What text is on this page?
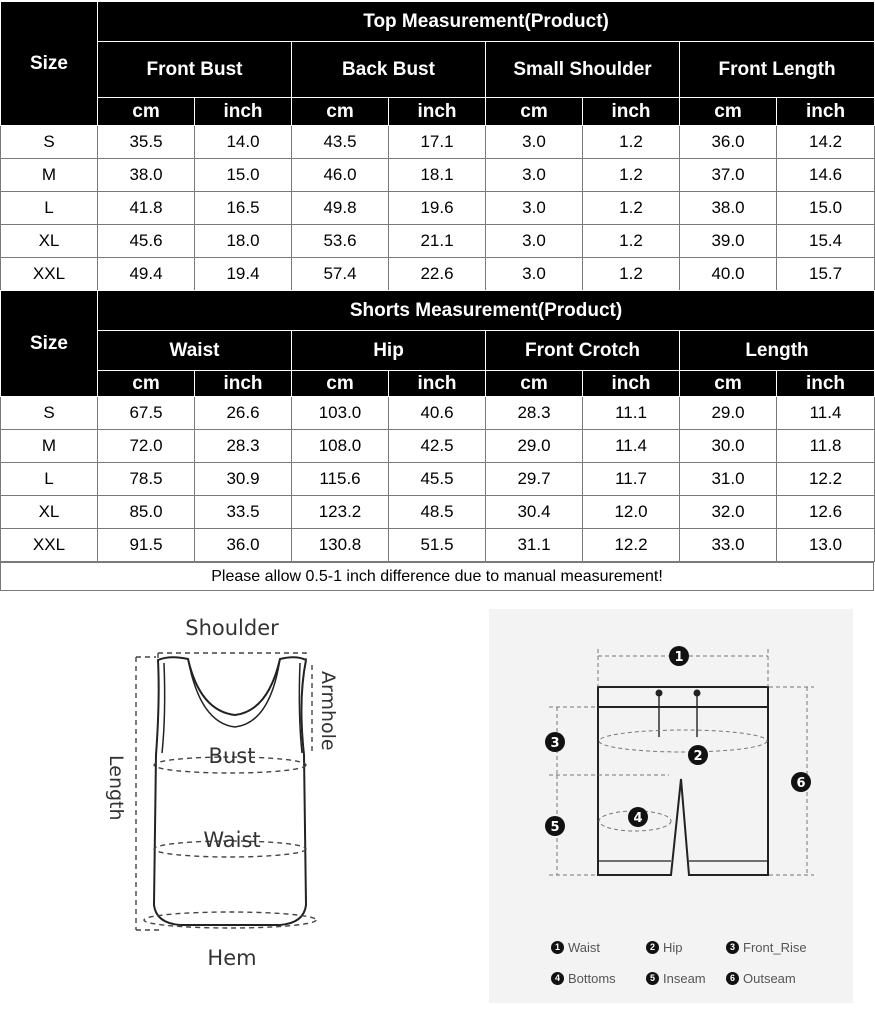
Size	Top Measurement(Product)							
	Front Bust		Back Bust		Small Shoulder		Front Length	
	cm	inch	cm	inch	cm	inch	cm	inch
S	35.5	14.0	43.5	17.1	3.0	1.2	36.0	14.2
M	38.0	15.0	46.0	18.1	3.0	1.2	37.0	14.6
L	41.8	16.5	49.8	19.6	3.0	1.2	38.0	15.0
XL	45.6	18.0	53.6	21.1	3.0	1.2	39.0	15.4
XXL	49.4	19.4	57.4	22.6	3.0	1.2	40.0	15.7
Size	Shorts Measurement(Product)							
	Waist		Hip		Front Crotch		Length	
	cm	inch	cm	inch	cm	inch	cm	inch
S	67.5	26.6	103.0	40.6	28.3	11.1	29.0	11.4
M	72.0	28.3	108.0	42.5	29.0	11.4	30.0	11.8
L	78.5	30.9	115.6	45.5	29.7	11.7	31.0	12.2
XL	85.0	33.5	123.2	48.5	30.4	12.0	32.0	12.6
XXL	91.5	36.0	130.8	51.5	31.1	12.2	33.0	13.0
Please allow 0.5-1 inch difference due to manual measurement!
Shoulder
Armhole
Bust
Waist
Length
Hem
1
2
3
4
5
6
1 Waist	2 Hip	3 Front_Rise
4 Bottoms	5 Inseam	6 Outseam
